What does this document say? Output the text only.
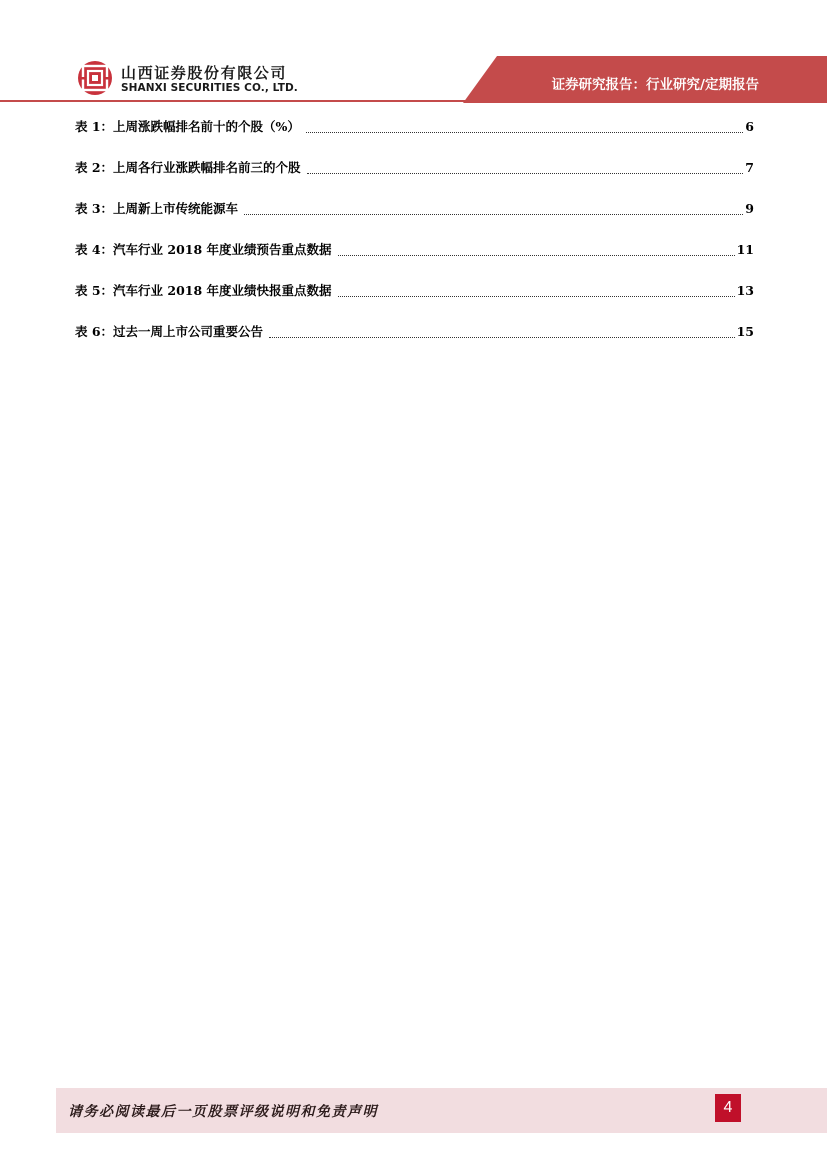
山西证券股份有限公司
SHANXI SECURITIES CO., LTD.	证券研究报告：行业研究/定期报告
表 1：上周涨跌幅排名前十的个股（%）	6
表 2：上周各行业涨跌幅排名前三的个股	7
表 3：上周新上市传统能源车	9
表 4：汽车行业 2018 年度业绩预告重点数据	11
表 5：汽车行业 2018 年度业绩快报重点数据	13
表 6：过去一周上市公司重要公告	15
请务必阅读最后一页股票评级说明和免责声明	4
